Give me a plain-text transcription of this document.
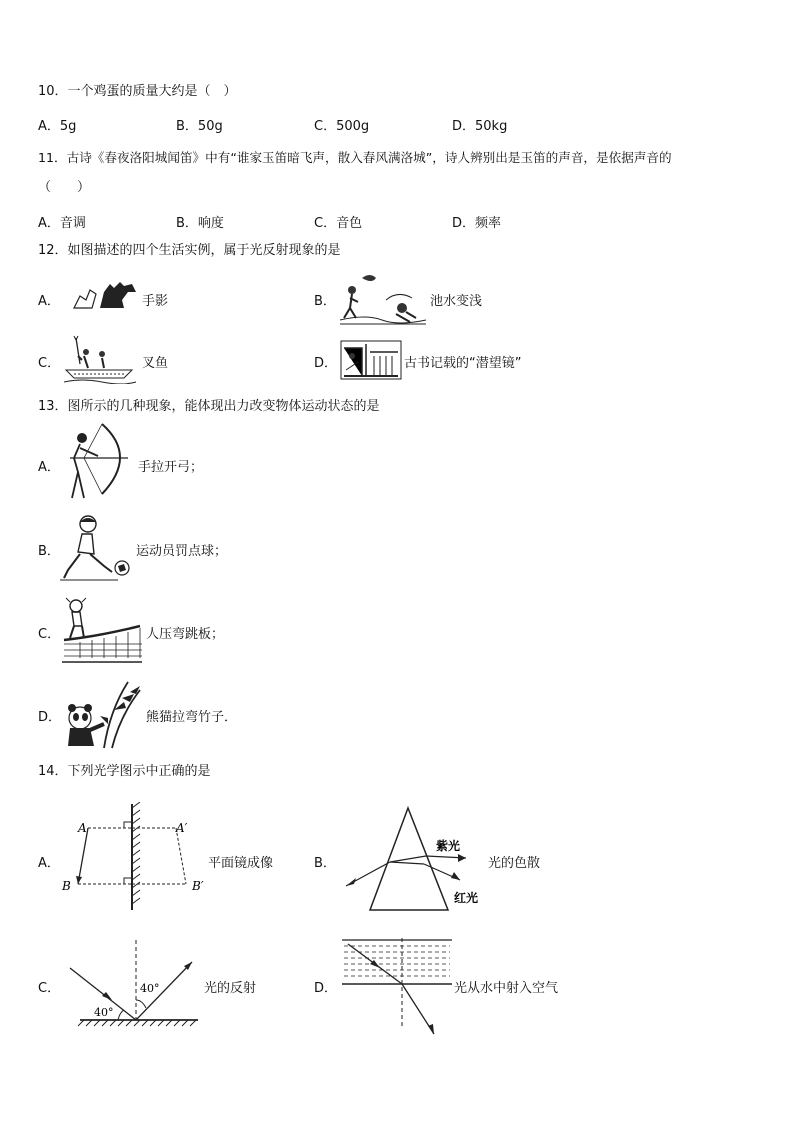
10．一个鸡蛋的质量大约是（　）
A．5g	B．50g	C．500g	D．50kg
11．古诗《春夜洛阳城闻笛》中有“谁家玉笛暗飞声，散入春风满洛城”，诗人辨别出是玉笛的声音，是依据声音的
（　　）
A．音调	B．响度	C．音色	D．频率
12．如图描述的四个生活实例，属于光反射现象的是
A．	手影	B．	池水变浅
C．	叉鱼	D．	古书记载的“潜望镜”
13．图所示的几种现象，能体现出力改变物体运动状态的是
A．	手拉开弓；
B．	运动员罚点球；
C．	人压弯跳板；
D．	熊猫拉弯竹子．
14．下列光学图示中正确的是
A．
A	A′
B	B′
平面镜成像	B．
紫光
红光
光的色散
C．	40°
40°
光的反射	D．	光从水中射入空气
